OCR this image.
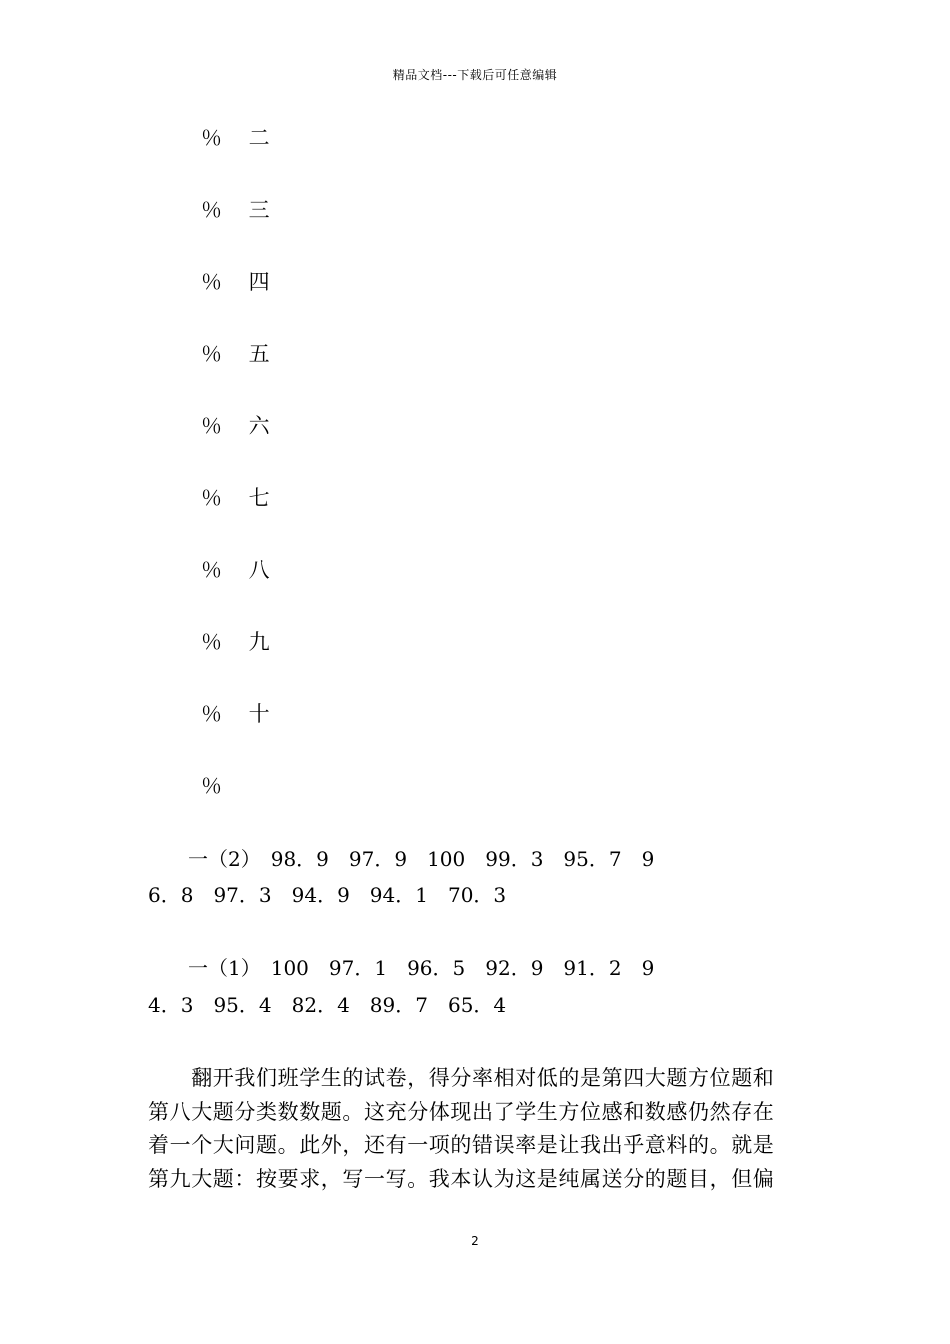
精品文档---下载后可任意编辑
％ 二
％ 三
％ 四
％ 五
％ 六
％ 七
％ 八
％ 九
％ 十
％
　　一（2）　98．9　97．9　100　99．3　95．7　9
6．8　97．3　94．9　94．1　70．3
　　一（1）　100　97．1　96．5　92．9　91．2　9
4．3　95．4　82．4　89．7　65．4
　　翻开我们班学生的试卷，得分率相对低的是第四大题方位题和
第八大题分类数数题。这充分体现出了学生方位感和数感仍然存在
着一个大问题。此外，还有一项的错误率是让我出乎意料的。就是
第九大题：按要求，写一写。我本认为这是纯属送分的题目，但偏
2
